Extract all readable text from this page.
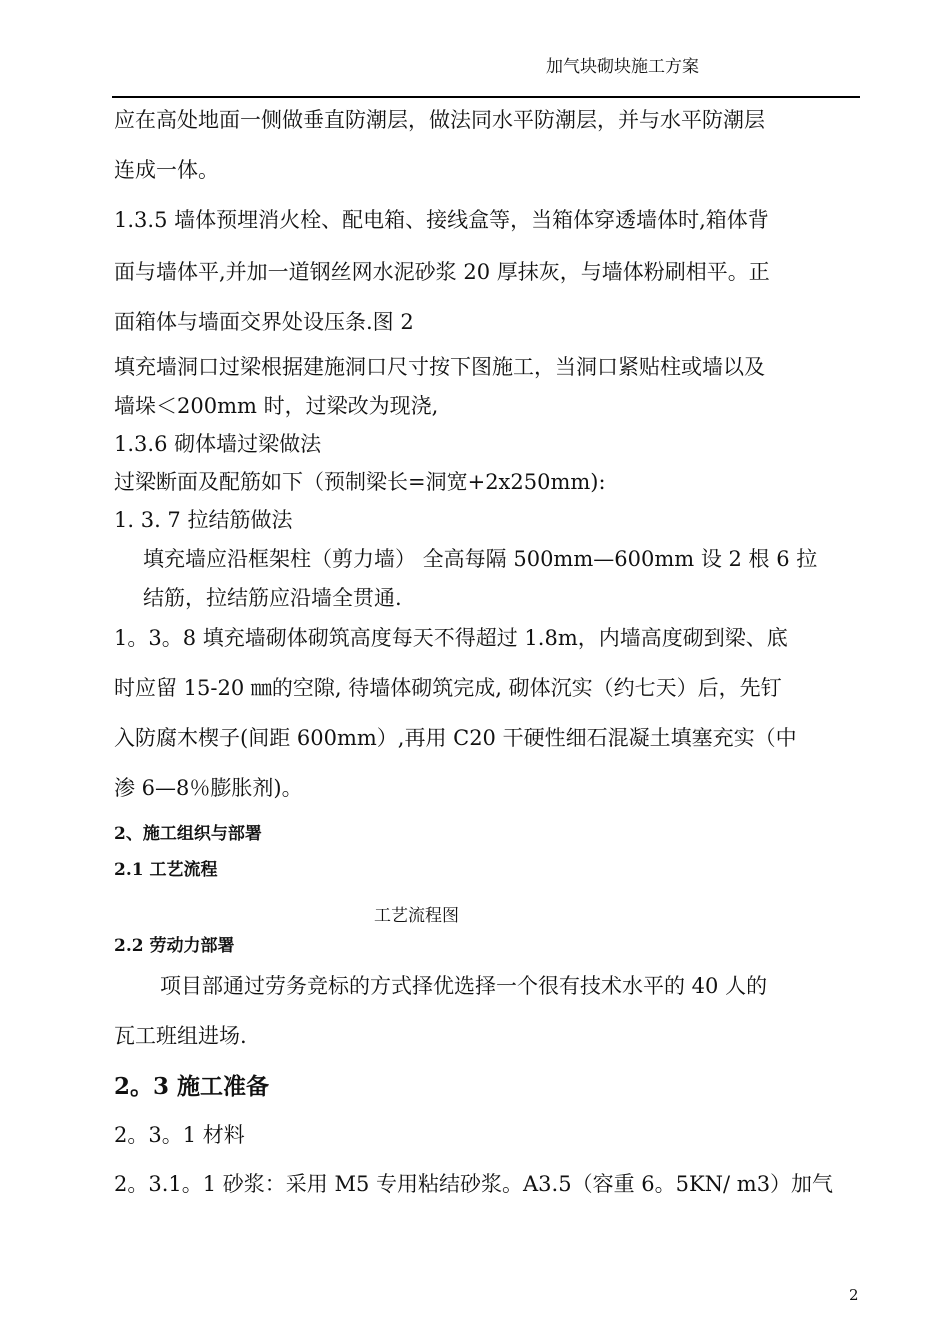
加气块砌块施工方案
应在高处地面一侧做垂直防潮层，做法同水平防潮层，并与水平防潮层
连成一体。
1.3.5 墙体预埋消火栓、配电箱、接线盒等，当箱体穿透墙体时,箱体背
面与墙体平,并加一道钢丝网水泥砂浆 20 厚抹灰，与墙体粉刷相平。正
面箱体与墙面交界处设压条.图 2
填充墙洞口过梁根据建施洞口尺寸按下图施工，当洞口紧贴柱或墙以及
墙垛＜200mm 时，过梁改为现浇,
1.3.6 砌体墙过梁做法
过梁断面及配筋如下（预制梁长=洞宽+2x250mm):
1. 3. 7 拉结筋做法
填充墙应沿框架柱（剪力墙） 全高每隔 500mm—600mm 设 2 根 6 拉
结筋，拉结筋应沿墙全贯通.
1。3。8 填充墙砌体砌筑高度每天不得超过 1.8m，内墙高度砌到梁、底
时应留 15-20 ㎜的空隙, 待墙体砌筑完成, 砌体沉实（约七天）后，先钉
入防腐木楔子(间距 600mm）,再用 C20 干硬性细石混凝土填塞充实（中
渗 6—8％膨胀剂)。
2、施工组织与部署
2.1 工艺流程
工艺流程图
2.2 劳动力部署
项目部通过劳务竞标的方式择优选择一个很有技术水平的 40 人的
瓦工班组进场.
2。3 施工准备
2。3。1 材料
2。3.1。1 砂浆：采用 M5 专用粘结砂浆。A3.5（容重 6。5KN/ m3）加气
2
